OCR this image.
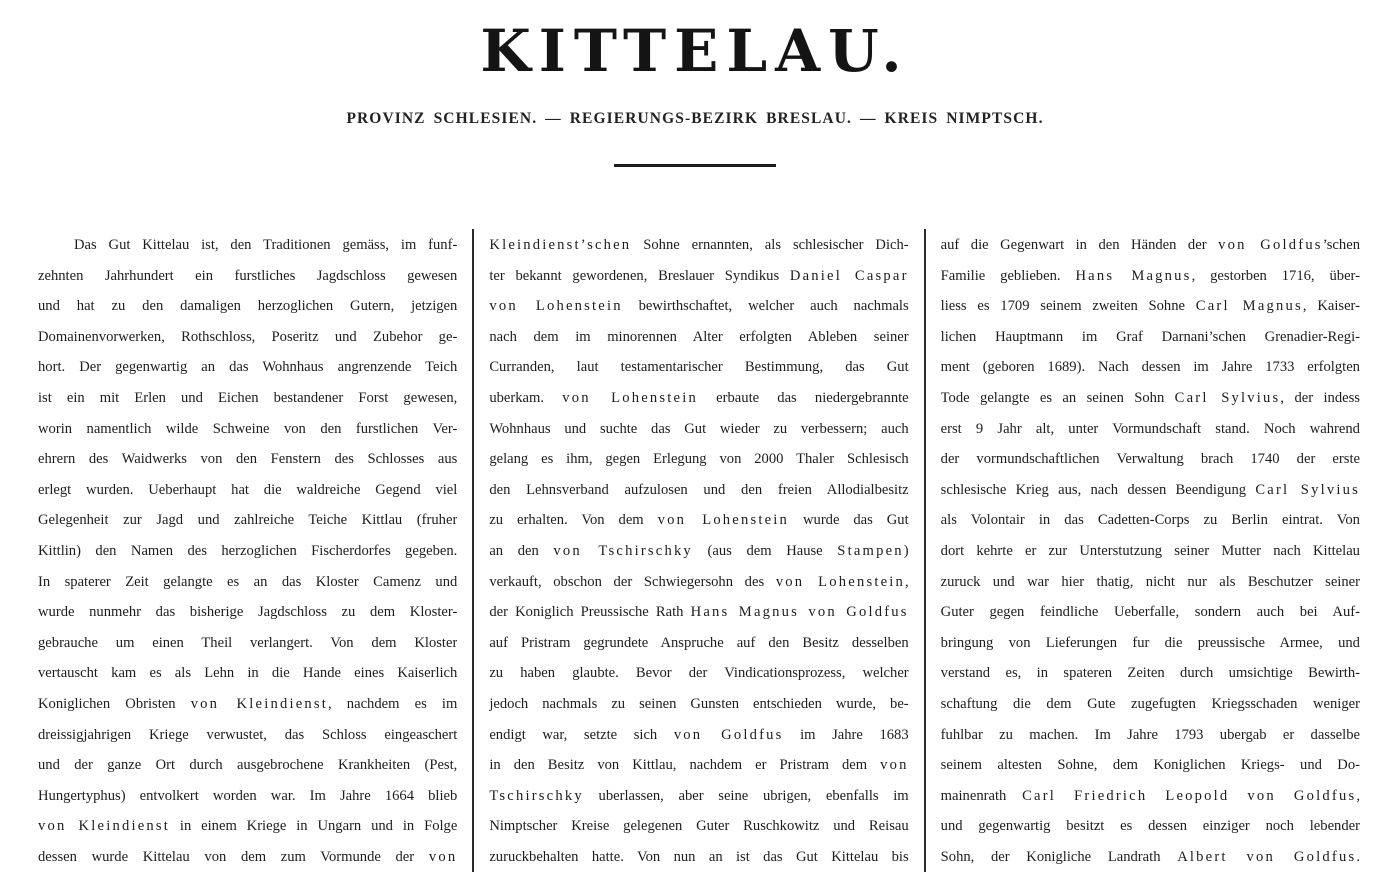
KITTELAU.
PROVINZ SCHLESIEN. — REGIERUNGS-BEZIRK BRESLAU. — KREIS NIMPTSCH.
Das Gut Kittelau ist, den Traditionen gemäss, im funf-
zehnten Jahrhundert ein furstliches Jagdschloss gewesen
und hat zu den damaligen herzoglichen Gutern, jetzigen
Domainenvorwerken, Rothschloss, Poseritz und Zubehor ge-
hort. Der gegenwartig an das Wohnhaus angrenzende Teich
ist ein mit Erlen und Eichen bestandener Forst gewesen,
worin namentlich wilde Schweine von den furstlichen Ver-
ehrern des Waidwerks von den Fenstern des Schlosses aus
erlegt wurden. Ueberhaupt hat die waldreiche Gegend viel
Gelegenheit zur Jagd und zahlreiche Teiche Kittlau (fruher
Kittlin) den Namen des herzoglichen Fischerdorfes gegeben.
In spaterer Zeit gelangte es an das Kloster Camenz und
wurde nunmehr das bisherige Jagdschloss zu dem Kloster-
gebrauche um einen Theil verlangert. Von dem Kloster
vertauscht kam es als Lehn in die Hande eines Kaiserlich
Koniglichen Obristen von Kleindienst, nachdem es im
dreissigjahrigen Kriege verwustet, das Schloss eingeaschert
und der ganze Ort durch ausgebrochene Krankheiten (Pest,
Hungertyphus) entvolkert worden war. Im Jahre 1664 blieb
von Kleindienst in einem Kriege in Ungarn und in Folge
dessen wurde Kittelau von dem zum Vormunde der von
Kleindienst’schen Sohne ernannten, als schlesischer Dich-
ter bekannt gewordenen, Breslauer Syndikus Daniel Caspar
von Lohenstein bewirthschaftet, welcher auch nachmals
nach dem im minorennen Alter erfolgten Ableben seiner
Curranden, laut testamentarischer Bestimmung, das Gut
uberkam. von Lohenstein erbaute das niedergebrannte
Wohnhaus und suchte das Gut wieder zu verbessern; auch
gelang es ihm, gegen Erlegung von 2000 Thaler Schlesisch
den Lehnsverband aufzulosen und den freien Allodialbesitz
zu erhalten. Von dem von Lohenstein wurde das Gut
an den von Tschirschky (aus dem Hause Stampen)
verkauft, obschon der Schwiegersohn des von Lohenstein,
der Koniglich Preussische Rath Hans Magnus von Goldfus
auf Pristram gegrundete Anspruche auf den Besitz desselben
zu haben glaubte. Bevor der Vindicationsprozess, welcher
jedoch nachmals zu seinen Gunsten entschieden wurde, be-
endigt war, setzte sich von Goldfus im Jahre 1683
in den Besitz von Kittlau, nachdem er Pristram dem von
Tschirschky uberlassen, aber seine ubrigen, ebenfalls im
Nimptscher Kreise gelegenen Guter Ruschkowitz und Reisau
zuruckbehalten hatte. Von nun an ist das Gut Kittelau bis
auf die Gegenwart in den Händen der von Goldfus’schen
Familie geblieben. Hans Magnus, gestorben 1716, über-
liess es 1709 seinem zweiten Sohne Carl Magnus, Kaiser-
lichen Hauptmann im Graf Darnani’schen Grenadier-Regi-
ment (geboren 1689). Nach dessen im Jahre 1733 erfolgten
Tode gelangte es an seinen Sohn Carl Sylvius, der indess
erst 9 Jahr alt, unter Vormundschaft stand. Noch wahrend
der vormundschaftlichen Verwaltung brach 1740 der erste
schlesische Krieg aus, nach dessen Beendigung Carl Sylvius
als Volontair in das Cadetten-Corps zu Berlin eintrat. Von
dort kehrte er zur Unterstutzung seiner Mutter nach Kittelau
zuruck und war hier thatig, nicht nur als Beschutzer seiner
Guter gegen feindliche Ueberfalle, sondern auch bei Auf-
bringung von Lieferungen fur die preussische Armee, und
verstand es, in spateren Zeiten durch umsichtige Bewirth-
schaftung die dem Gute zugefugten Kriegsschaden weniger
fuhlbar zu machen. Im Jahre 1793 ubergab er dasselbe
seinem altesten Sohne, dem Koniglichen Kriegs- und Do-
mainenrath Carl Friedrich Leopold von Goldfus,
und gegenwartig besitzt es dessen einziger noch lebender
Sohn, der Konigliche Landrath Albert von Goldfus.
